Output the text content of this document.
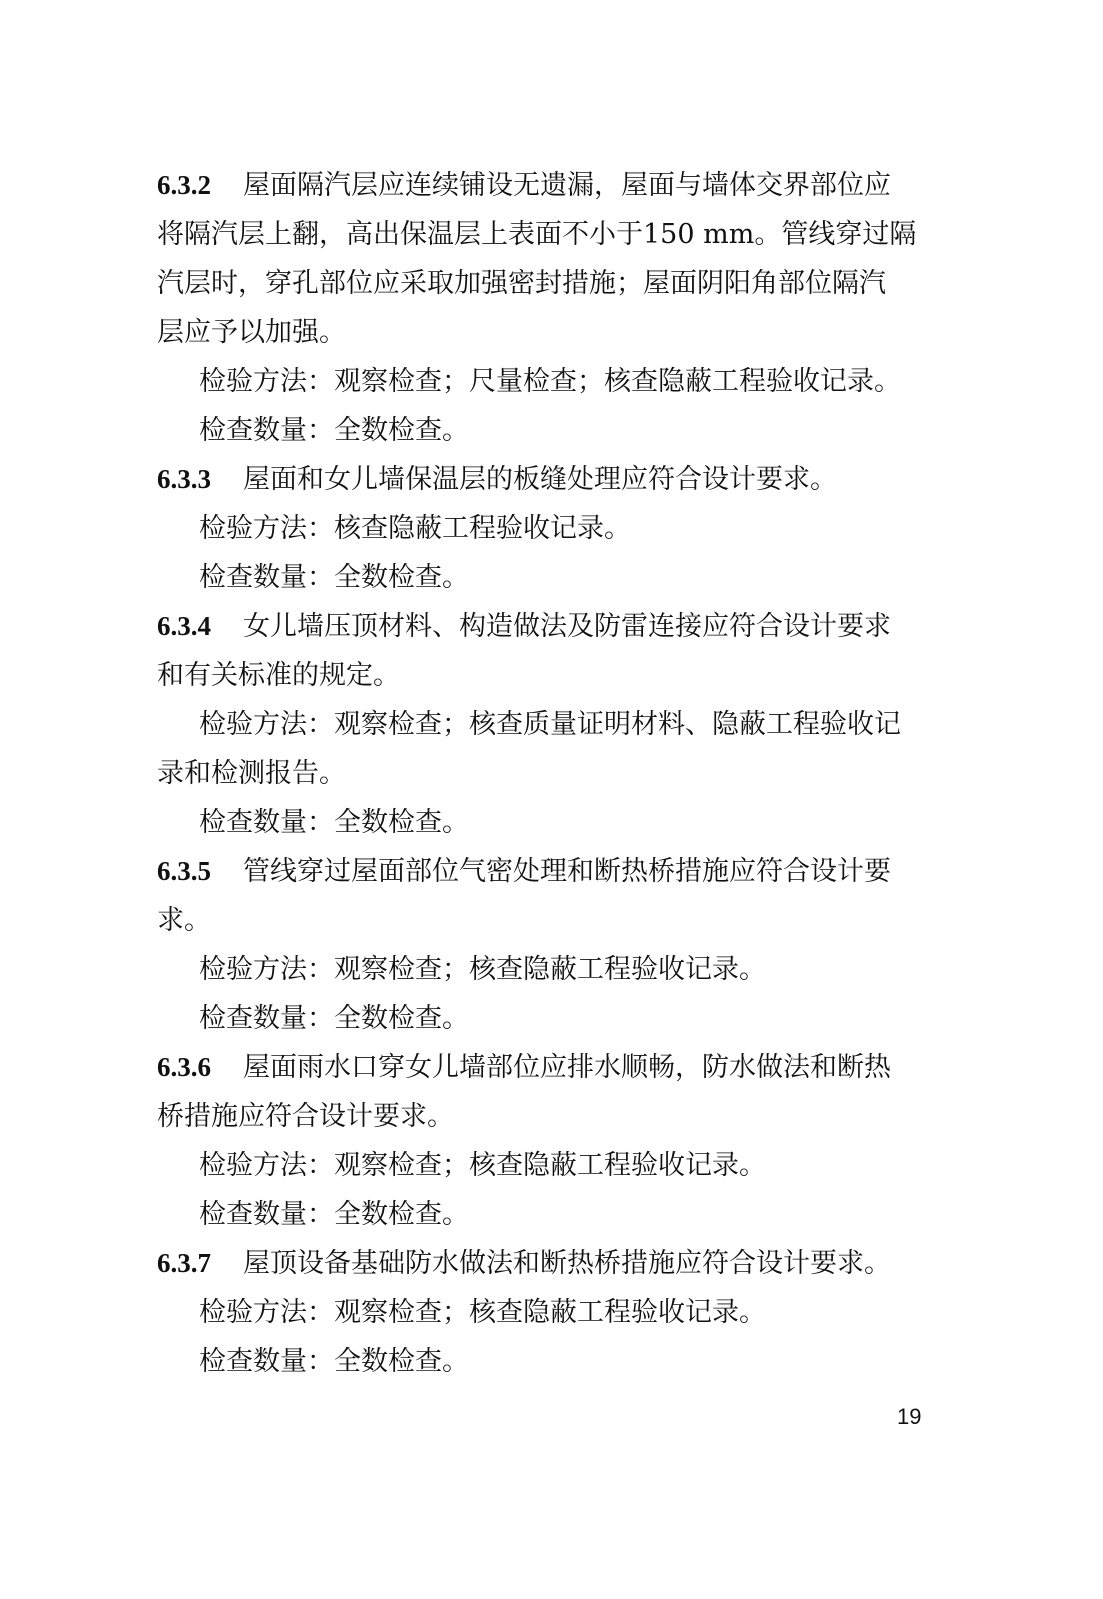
6.3.2 屋面隔汽层应连续铺设无遗漏，屋面与墙体交界部位应
将隔汽层上翻，高出保温层上表面不小于150 mm。管线穿过隔
汽层时，穿孔部位应采取加强密封措施；屋面阴阳角部位隔汽
层应予以加强。
检验方法：观察检查；尺量检查；核查隐蔽工程验收记录。
检查数量：全数检查。
6.3.3 屋面和女儿墙保温层的板缝处理应符合设计要求。
检验方法：核查隐蔽工程验收记录。
检查数量：全数检查。
6.3.4 女儿墙压顶材料、构造做法及防雷连接应符合设计要求
和有关标准的规定。
检验方法：观察检查；核查质量证明材料、隐蔽工程验收记
录和检测报告。
检查数量：全数检查。
6.3.5 管线穿过屋面部位气密处理和断热桥措施应符合设计要
求。
检验方法：观察检查；核查隐蔽工程验收记录。
检查数量：全数检查。
6.3.6 屋面雨水口穿女儿墙部位应排水顺畅，防水做法和断热
桥措施应符合设计要求。
检验方法：观察检查；核查隐蔽工程验收记录。
检查数量：全数检查。
6.3.7 屋顶设备基础防水做法和断热桥措施应符合设计要求。
检验方法：观察检查；核查隐蔽工程验收记录。
检查数量：全数检查。
19
